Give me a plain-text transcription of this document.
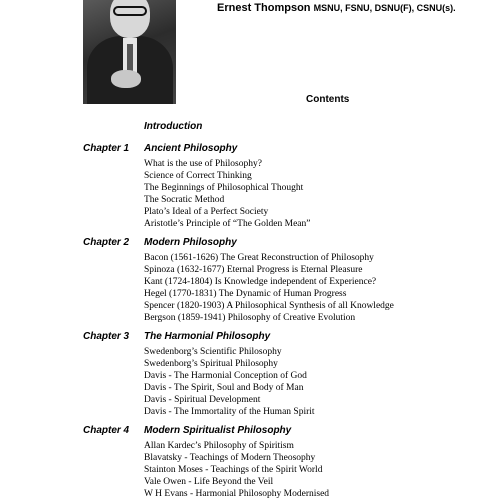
Ernest Thompson MSNU, FSNU, DSNU(F), CSNU(s).
Contents
Introduction
Chapter 1 Ancient Philosophy
What is the use of Philosophy?
Science of Correct Thinking
The Beginnings of Philosophical Thought
The Socratic Method
Plato’s Ideal of a Perfect Society
Aristotle’s Principle of “The Golden Mean”
Chapter 2 Modern Philosophy
Bacon (1561-1626) The Great Reconstruction of Philosophy
Spinoza (1632-1677) Eternal Progress is Eternal Pleasure
Kant (1724-1804) Is Knowledge independent of Experience?
Hegel (1770-1831) The Dynamic of Human Progress
Spencer (1820-1903) A Philosophical Synthesis of all Knowledge
Bergson (1859-1941) Philosophy of Creative Evolution
Chapter 3 The Harmonial Philosophy
Swedenborg’s Scientific Philosophy
Swedenborg’s Spiritual Philosophy
Davis - The Harmonial Conception of God
Davis - The Spirit, Soul and Body of Man
Davis - Spiritual Development
Davis - The Immortality of the Human Spirit
Chapter 4 Modern Spiritualist Philosophy
Allan Kardec’s Philosophy of Spiritism
Blavatsky - Teachings of Modern Theosophy
Stainton Moses - Teachings of the Spirit World
Vale Owen - Life Beyond the Veil
W H Evans - Harmonial Philosophy Modernised
